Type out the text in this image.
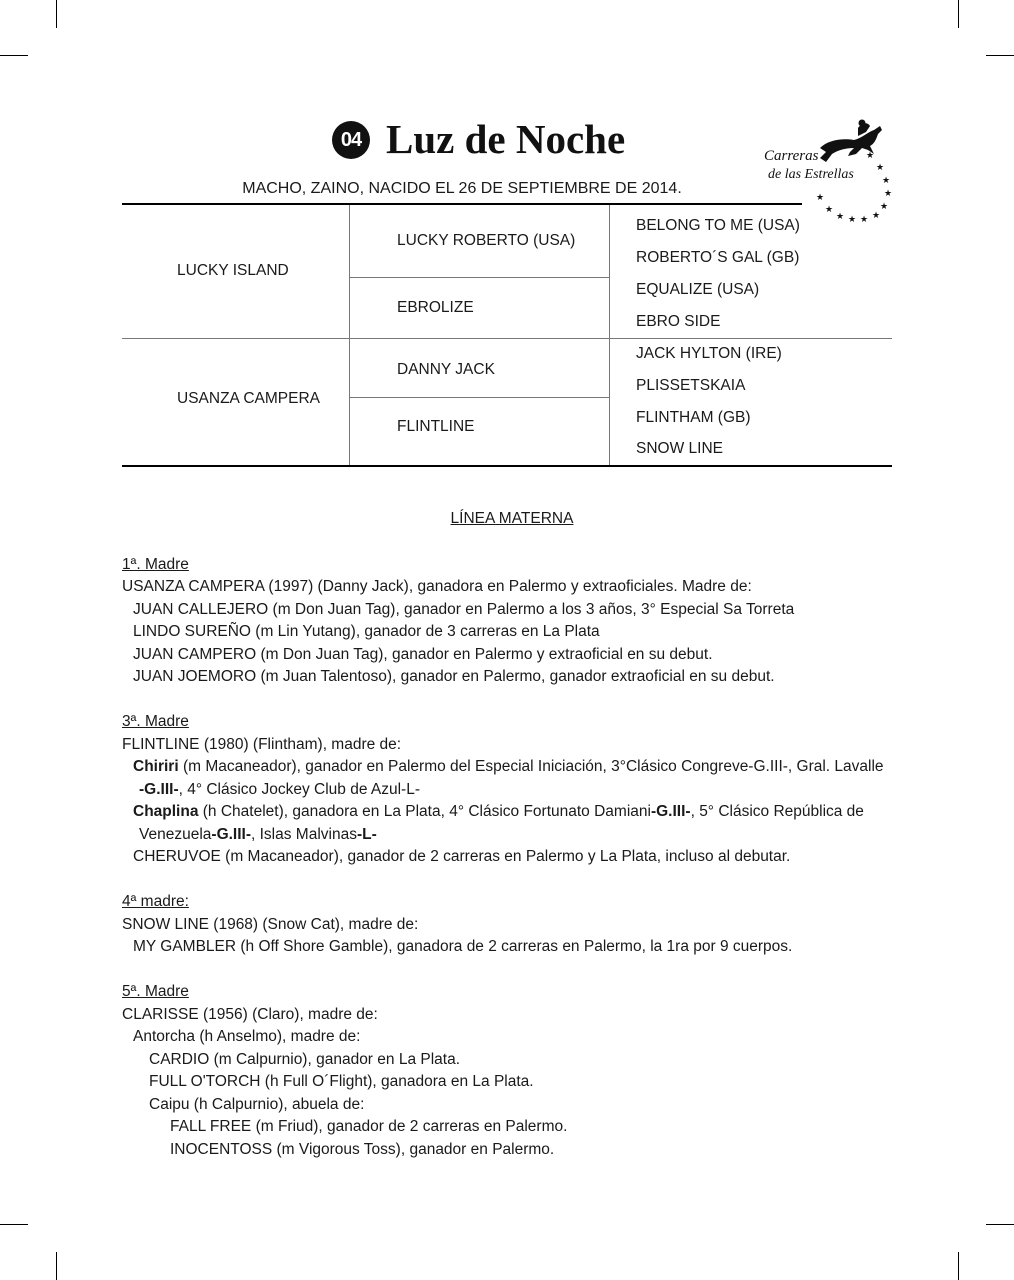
04 Luz de Noche
MACHO, ZAINO, NACIDO EL 26 DE SEPTIEMBRE DE 2014.
Carreras
de las Estrellas
★
★
★
★
★
★
★
★
★
★
★
LUCKY ISLAND
USANZA CAMPERA
LUCKY ROBERTO (USA)
EBROLIZE
DANNY JACK
FLINTLINE
BELONG TO ME (USA)
ROBERTO´S GAL (GB)
EQUALIZE (USA)
EBRO SIDE
JACK HYLTON (IRE)
PLISSETSKAIA
FLINTHAM (GB)
SNOW LINE
LÍNEA MATERNA
1ª. Madre
USANZA CAMPERA (1997) (Danny Jack), ganadora en Palermo y extraoficiales. Madre de:
JUAN CALLEJERO (m Don Juan Tag), ganador en Palermo a los 3 años, 3° Especial Sa Torreta
LINDO SUREÑO (m Lin Yutang), ganador de 3 carreras en La Plata
JUAN CAMPERO (m Don Juan Tag), ganador en Palermo y extraoficial en su debut.
JUAN JOEMORO (m Juan Talentoso), ganador en Palermo, ganador extraoficial en su debut.
3ª. Madre
FLINTLINE (1980) (Flintham), madre de:
Chiriri (m Macaneador), ganador en Palermo del Especial Iniciación, 3°Clásico Congreve-G.III-, Gral. Lavalle
-G.III-, 4° Clásico Jockey Club de Azul-L-
Chaplina (h Chatelet), ganadora en La Plata, 4° Clásico Fortunato Damiani-G.III-, 5° Clásico República de
Venezuela-G.III-, Islas Malvinas-L-
CHERUVOE (m Macaneador), ganador de 2 carreras en Palermo y La Plata, incluso al debutar.
4ª madre:
SNOW LINE (1968) (Snow Cat), madre de:
MY GAMBLER (h Off Shore Gamble), ganadora de 2 carreras en Palermo, la 1ra por 9 cuerpos.
5ª. Madre
CLARISSE (1956) (Claro), madre de:
Antorcha (h Anselmo), madre de:
CARDIO (m Calpurnio), ganador en La Plata.
FULL O'TORCH (h Full O´Flight), ganadora en La Plata.
Caipu (h Calpurnio), abuela de:
FALL FREE (m Friud), ganador de 2 carreras en Palermo.
INOCENTOSS (m Vigorous Toss), ganador en Palermo.
